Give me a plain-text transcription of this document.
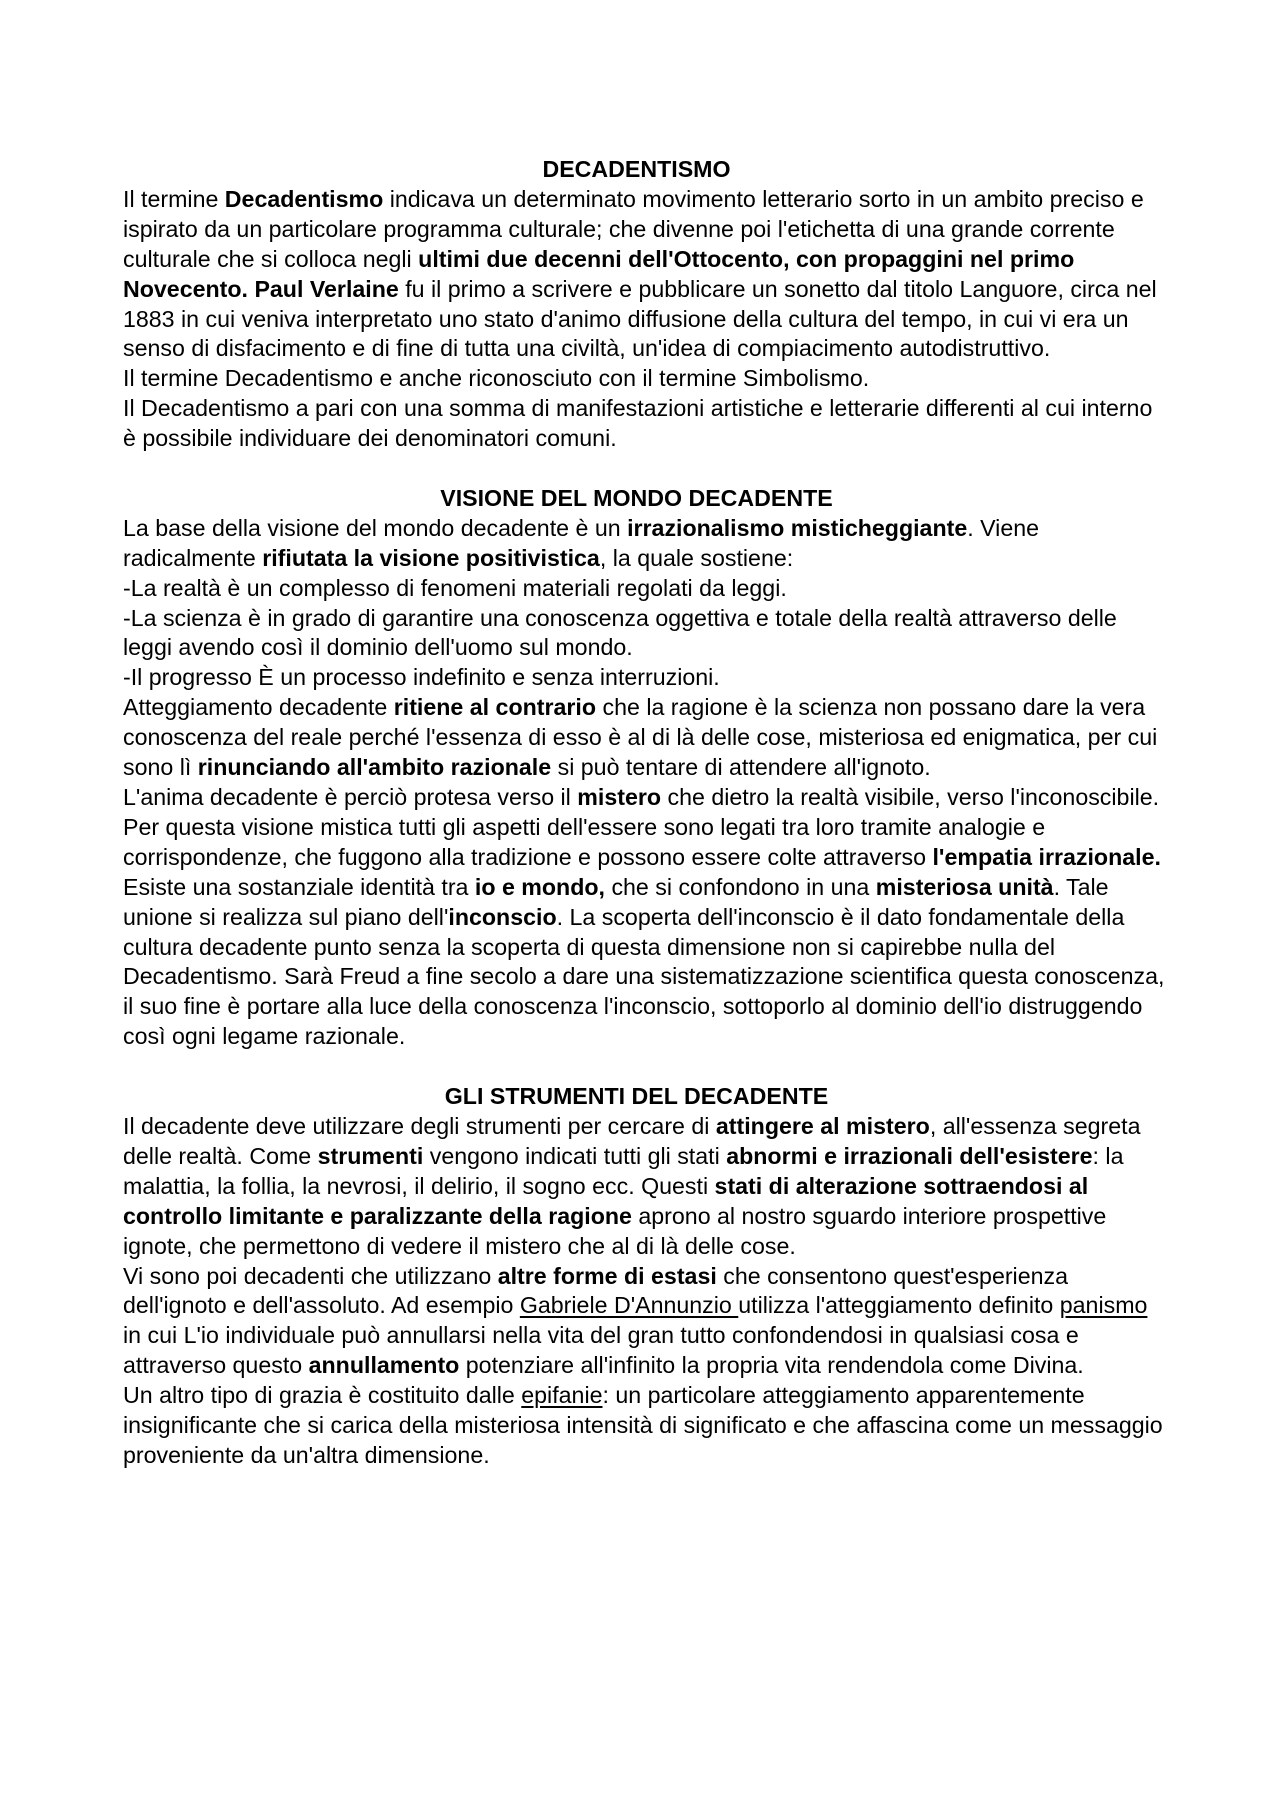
DECADENTISMO

Il termine Decadentismo indicava un determinato movimento letterario sorto in un ambito preciso e ispirato da un particolare programma culturale; che divenne poi l'etichetta di una grande corrente culturale che si colloca negli ultimi due decenni dell'Ottocento, con propaggini nel primo Novecento. Paul Verlaine fu il primo a scrivere e pubblicare un sonetto dal titolo Languore, circa nel 1883 in cui veniva interpretato uno stato d'animo diffusione della cultura del tempo, in cui vi era un senso di disfacimento e di fine di tutta una civiltà, un'idea di compiacimento autodistruttivo.

Il termine Decadentismo e anche riconosciuto con il termine Simbolismo.

Il Decadentismo a pari con una somma di manifestazioni artistiche e letterarie differenti al cui interno è possibile individuare dei denominatori comuni.

VISIONE DEL MONDO DECADENTE

La base della visione del mondo decadente è un irrazionalismo misticheggiante. Viene radicalmente rifiutata la visione positivistica, la quale sostiene:

-La realtà è un complesso di fenomeni materiali regolati da leggi.

-La scienza è in grado di garantire una conoscenza oggettiva e totale della realtà attraverso delle leggi avendo così il dominio dell'uomo sul mondo.

-Il progresso È un processo indefinito e senza interruzioni.

Atteggiamento decadente ritiene al contrario che la ragione è la scienza non possano dare la vera conoscenza del reale perché l'essenza di esso è al di là delle cose, misteriosa ed enigmatica, per cui sono lì rinunciando all'ambito razionale si può tentare di attendere all'ignoto.

L'anima decadente è perciò protesa verso il mistero che dietro la realtà visibile, verso l'inconoscibile. Per questa visione mistica tutti gli aspetti dell'essere sono legati tra loro tramite analogie e corrispondenze, che fuggono alla tradizione e possono essere colte attraverso l'empatia irrazionale.

Esiste una sostanziale identità tra io e mondo, che si confondono in una misteriosa unità. Tale unione si realizza sul piano dell'inconscio. La scoperta dell'inconscio è il dato fondamentale della cultura decadente punto senza la scoperta di questa dimensione non si capirebbe nulla del Decadentismo. Sarà Freud a fine secolo a dare una sistematizzazione scientifica questa conoscenza, il suo fine è portare alla luce della conoscenza l'inconscio, sottoporlo al dominio dell'io distruggendo così ogni legame razionale.

GLI STRUMENTI DEL DECADENTE

Il decadente deve utilizzare degli strumenti per cercare di attingere al mistero, all'essenza segreta delle realtà. Come strumenti vengono indicati tutti gli stati abnormi e irrazionali dell'esistere: la malattia, la follia, la nevrosi, il delirio, il sogno ecc. Questi stati di alterazione sottraendosi al controllo limitante e paralizzante della ragione aprono al nostro sguardo interiore prospettive ignote, che permettono di vedere il mistero che al di là delle cose.

Vi sono poi decadenti che utilizzano altre forme di estasi che consentono quest'esperienza dell'ignoto e dell'assoluto. Ad esempio Gabriele D'Annunzio utilizza l'atteggiamento definito panismo in cui L'io individuale può annullarsi nella vita del gran tutto confondendosi in qualsiasi cosa e attraverso questo annullamento potenziare all'infinito la propria vita rendendola come Divina.

Un altro tipo di grazia è costituito dalle epifanie: un particolare atteggiamento apparentemente insignificante che si carica della misteriosa intensità di significato e che affascina come un messaggio proveniente da un'altra dimensione.
